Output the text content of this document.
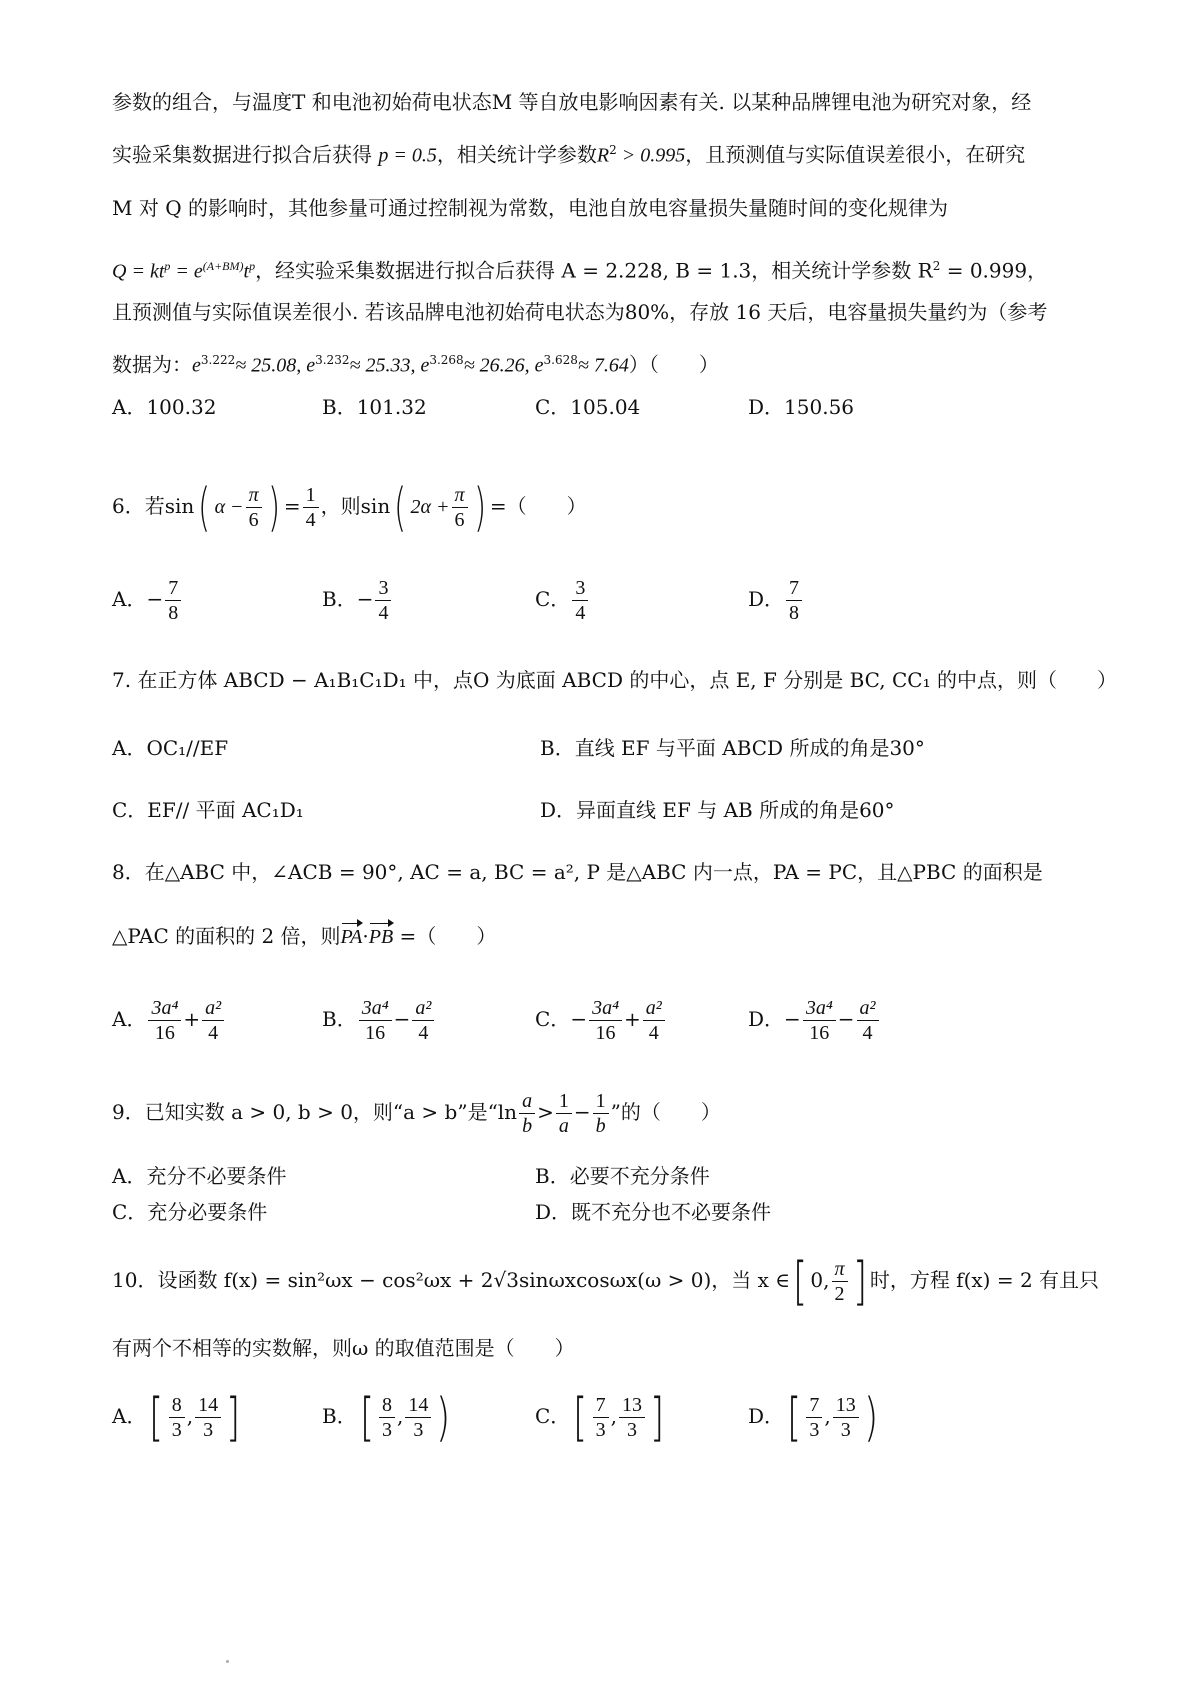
参数的组合，与温度T 和电池初始荷电状态M 等自放电影响因素有关. 以某种品牌锂电池为研究对象，经
实验采集数据进行拟合后获得 p = 0.5，相关统计学参数$R^2 > 0.995$，且预测值与实际值误差很小，在研究
M 对 Q 的影响时，其他参量可通过控制视为常数，电池自放电容量损失量随时间的变化规律为
$Q = kt^p = e^{(A+BM)}t^p$，经实验采集数据进行拟合后获得 A = 2.228, B = 1.3，相关统计学参数 $R^2 = 0.999$，
且预测值与实际值误差很小. 若该品牌电池初始荷电状态为80%，存放 16 天后，电容量损失量约为（参考
数据为：$e^{3.222}\approx 25.08$, $e^{3.232}\approx 25.33$, $e^{3.268}\approx 26.26$, $e^{3.628}\approx 7.64$）（　　）
A．100.32	B．101.32	C．105.04	D．150.56
6．若sin( $\alpha - \frac{\pi}{6}$ ) = $\frac{1}{4}$ ，则sin( $2\alpha + \frac{\pi}{6}$ ) =（　　）
A．− $\frac{7}{8}$	B．− $\frac{3}{4}$	C． $\frac{3}{4}$	D． $\frac{7}{8}$
7. 在正方体 ABCD − A₁B₁C₁D₁ 中，点O 为底面 ABCD 的中心，点 E, F 分别是 BC, CC₁ 的中点，则（　　）
A．OC₁//EF	B．直线 EF 与平面 ABCD 所成的角是30°
C．EF// 平面 AC₁D₁	D．异面直线 EF 与 AB 所成的角是60°
8．在△ABC 中，∠ACB = 90°, AC = a, BC = a², P 是△ABC 内一点，PA = PC，且△PBC 的面积是
△PAC 的面积的 2 倍，则PA·PB =（　　）
A． $\frac{\text{3a⁴}}{16} + \frac{\text{a²}}{4}$	B． $\frac{\text{3a⁴}}{16} - \frac{\text{a²}}{4}$	C．− $\frac{\text{3a⁴}}{16} + \frac{\text{a²}}{4}$	D．− $\frac{\text{3a⁴}}{16} - \frac{\text{a²}}{4}$
9．已知实数 a > 0, b > 0，则“a > b”是“$\ln \frac{a}{b} > \frac{1}{a} - \frac{1}{b}$ ”的（　　）
A．充分不必要条件	B．必要不充分条件
C．充分必要条件	D．既不充分也不必要条件
10．设函数 f(x) = sin²ωx − cos²ωx + 2√3sinωxcosωx(ω > 0)，当 x ∈[ 0, $\frac{\pi}{2}$ ] 时，方程 f(x) = 2 有且只
有两个不相等的实数解，则ω 的取值范围是（　　）
A．[ $\frac{8}{3}$ , $\frac{14}{3}$ ]	B．[ $\frac{8}{3}$ , $\frac{14}{3}$ )	C．[ $\frac{7}{3}$ , $\frac{13}{3}$ ]	D．[ $\frac{7}{3}$ , $\frac{13}{3}$ )
